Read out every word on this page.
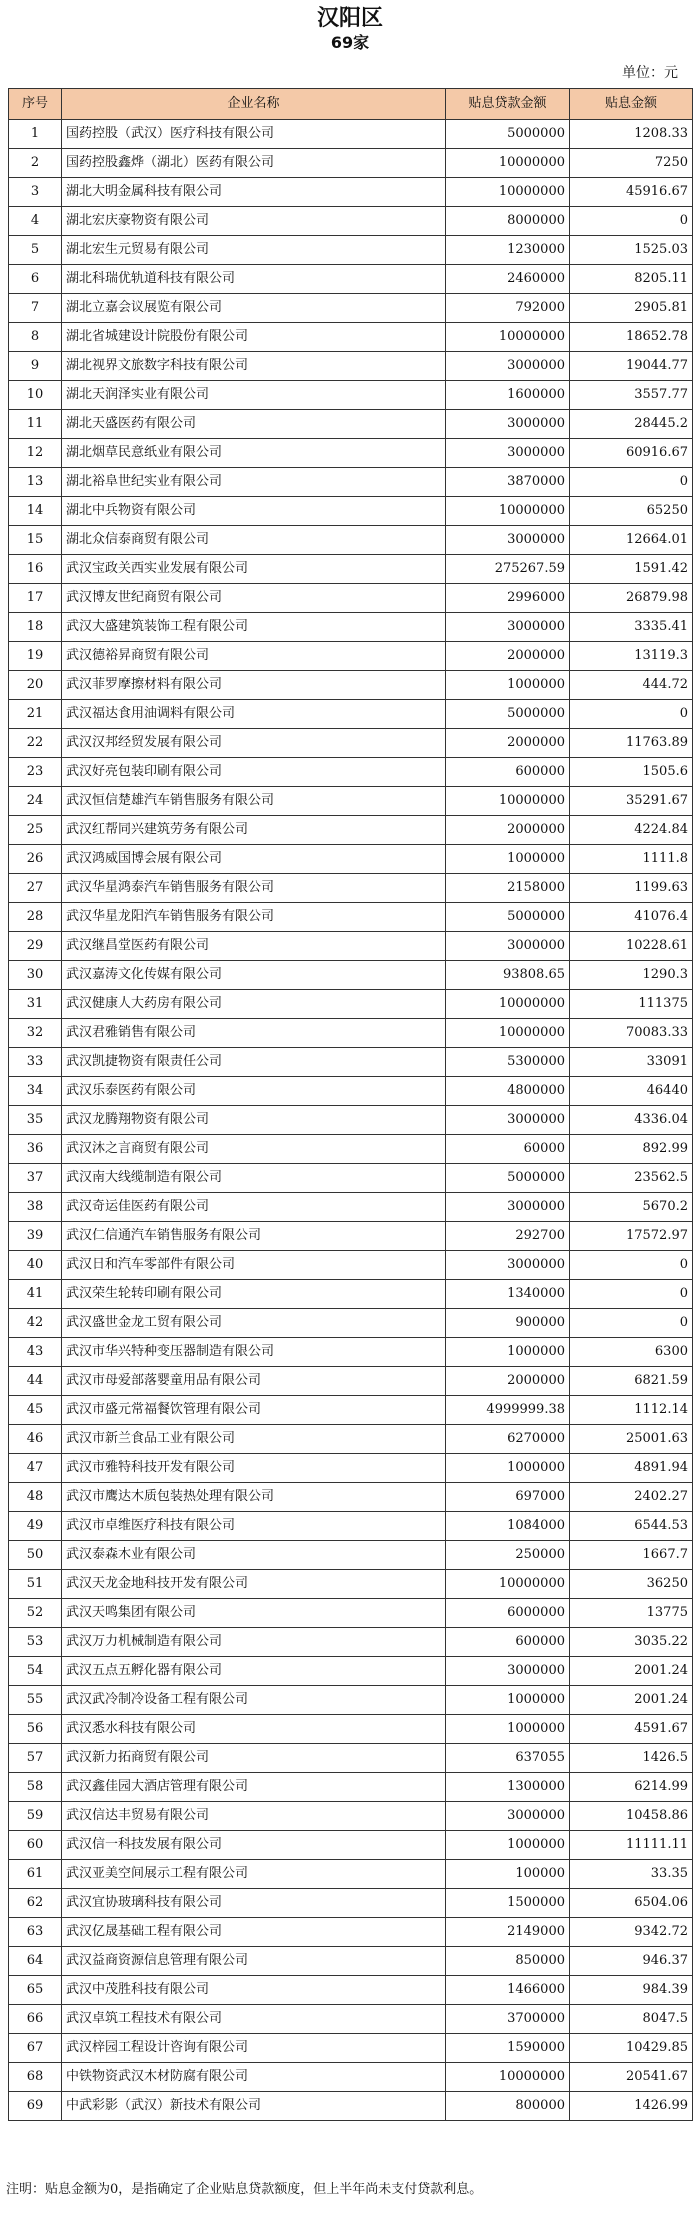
汉阳区
69家
单位：元
序号	企业名称	贴息贷款金额	贴息金额
1	国药控股（武汉）医疗科技有限公司	5000000	1208.33
2	国药控股鑫烨（湖北）医药有限公司	10000000	7250
3	湖北大明金属科技有限公司	10000000	45916.67
4	湖北宏庆豪物资有限公司	8000000	0
5	湖北宏生元贸易有限公司	1230000	1525.03
6	湖北科瑞优轨道科技有限公司	2460000	8205.11
7	湖北立嘉会议展览有限公司	792000	2905.81
8	湖北省城建设计院股份有限公司	10000000	18652.78
9	湖北视界文旅数字科技有限公司	3000000	19044.77
10	湖北天润泽实业有限公司	1600000	3557.77
11	湖北天盛医药有限公司	3000000	28445.2
12	湖北烟草民意纸业有限公司	3000000	60916.67
13	湖北裕阜世纪实业有限公司	3870000	0
14	湖北中兵物资有限公司	10000000	65250
15	湖北众信泰商贸有限公司	3000000	12664.01
16	武汉宝政关西实业发展有限公司	275267.59	1591.42
17	武汉博友世纪商贸有限公司	2996000	26879.98
18	武汉大盛建筑装饰工程有限公司	3000000	3335.41
19	武汉德裕昇商贸有限公司	2000000	13119.3
20	武汉菲罗摩擦材料有限公司	1000000	444.72
21	武汉福达食用油调料有限公司	5000000	0
22	武汉汉邦经贸发展有限公司	2000000	11763.89
23	武汉好亮包装印刷有限公司	600000	1505.6
24	武汉恒信楚雄汽车销售服务有限公司	10000000	35291.67
25	武汉红帮同兴建筑劳务有限公司	2000000	4224.84
26	武汉鸿威国博会展有限公司	1000000	1111.8
27	武汉华星鸿泰汽车销售服务有限公司	2158000	1199.63
28	武汉华星龙阳汽车销售服务有限公司	5000000	41076.4
29	武汉继昌堂医药有限公司	3000000	10228.61
30	武汉嘉涛文化传媒有限公司	93808.65	1290.3
31	武汉健康人大药房有限公司	10000000	111375
32	武汉君雅销售有限公司	10000000	70083.33
33	武汉凯捷物资有限责任公司	5300000	33091
34	武汉乐泰医药有限公司	4800000	46440
35	武汉龙腾翔物资有限公司	3000000	4336.04
36	武汉沐之言商贸有限公司	60000	892.99
37	武汉南大线缆制造有限公司	5000000	23562.5
38	武汉奇运佳医药有限公司	3000000	5670.2
39	武汉仁信通汽车销售服务有限公司	292700	17572.97
40	武汉日和汽车零部件有限公司	3000000	0
41	武汉荣生轮转印刷有限公司	1340000	0
42	武汉盛世金龙工贸有限公司	900000	0
43	武汉市华兴特种变压器制造有限公司	1000000	6300
44	武汉市母爱部落婴童用品有限公司	2000000	6821.59
45	武汉市盛元常福餐饮管理有限公司	4999999.38	1112.14
46	武汉市新兰食品工业有限公司	6270000	25001.63
47	武汉市雅特科技开发有限公司	1000000	4891.94
48	武汉市鹰达木质包装热处理有限公司	697000	2402.27
49	武汉市卓维医疗科技有限公司	1084000	6544.53
50	武汉泰森木业有限公司	250000	1667.7
51	武汉天龙金地科技开发有限公司	10000000	36250
52	武汉天鸣集团有限公司	6000000	13775
53	武汉万力机械制造有限公司	600000	3035.22
54	武汉五点五孵化器有限公司	3000000	2001.24
55	武汉武冷制冷设备工程有限公司	1000000	2001.24
56	武汉悉水科技有限公司	1000000	4591.67
57	武汉新力拓商贸有限公司	637055	1426.5
58	武汉鑫佳园大酒店管理有限公司	1300000	6214.99
59	武汉信达丰贸易有限公司	3000000	10458.86
60	武汉信一科技发展有限公司	1000000	11111.11
61	武汉亚美空间展示工程有限公司	100000	33.35
62	武汉宜协玻璃科技有限公司	1500000	6504.06
63	武汉亿晟基础工程有限公司	2149000	9342.72
64	武汉益商资源信息管理有限公司	850000	946.37
65	武汉中茂胜科技有限公司	1466000	984.39
66	武汉卓筑工程技术有限公司	3700000	8047.5
67	武汉梓园工程设计咨询有限公司	1590000	10429.85
68	中铁物资武汉木材防腐有限公司	10000000	20541.67
69	中武彩影（武汉）新技术有限公司	800000	1426.99
注明：贴息金额为0，是指确定了企业贴息贷款额度，但上半年尚未支付贷款利息。
